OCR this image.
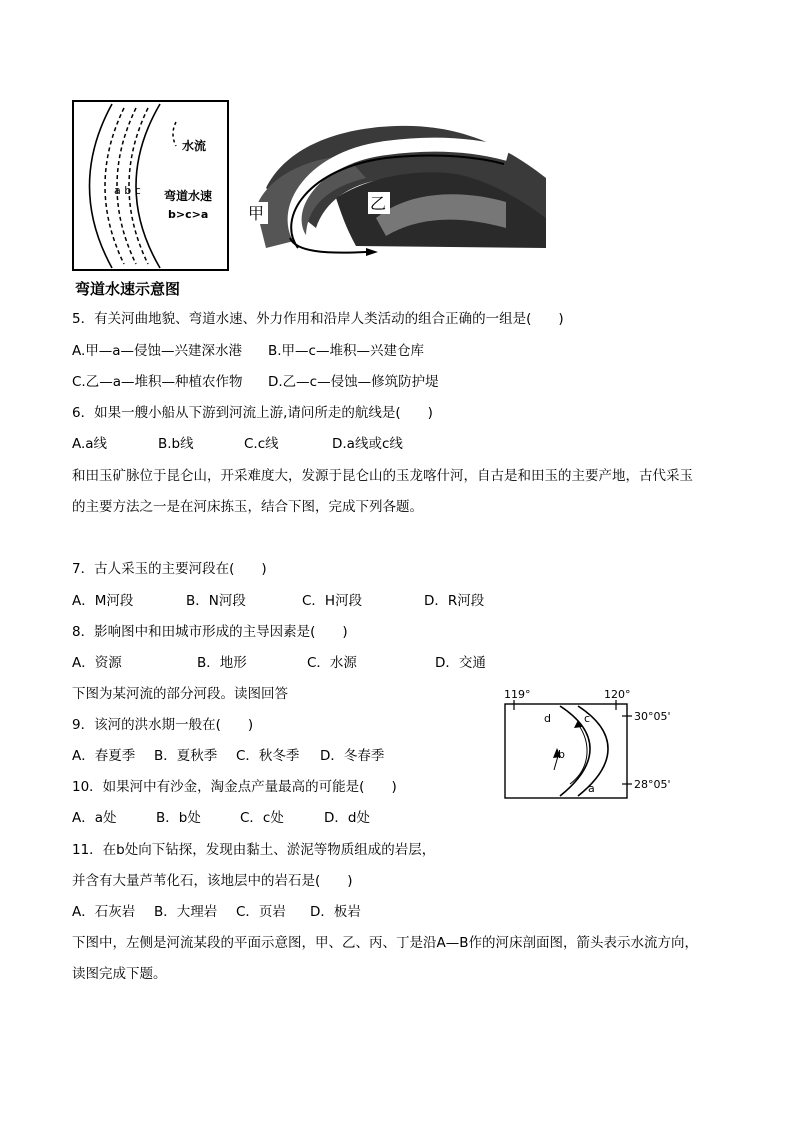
水流
a b c 弯道水速
b>c>a
弯道水速示意图
甲
乙
5．有关河曲地貌、弯道水速、外力作用和沿岸人类活动的组合正确的一组是(　　)
A.甲—a—侵蚀—兴建深水港 B.甲—c—堆积—兴建仓库
C.乙—a—堆积—种植农作物 D.乙—c—侵蚀—修筑防护堤
6．如果一艘小船从下游到河流上游,请问所走的航线是(　　)
A.a线	B.b线	C.c线	D.a线或c线
和田玉矿脉位于昆仑山，开采难度大，发源于昆仑山的玉龙喀什河，自古是和田玉的主要产地，古代采玉
的主要方法之一是在河床拣玉，结合下图，完成下列各题。
7．古人采玉的主要河段在(　　)
A．M河段	B．N河段	C．H河段	D．R河段
8．影响图中和田城市形成的主导因素是(　　)
A．资源	B．地形	C．水源	D．交通
下图为某河流的部分河段。读图回答	119°	120°
30°05'
28°05'
d	c
b
a
9．该河的洪水期一般在(　　)
A．春夏季 B．夏秋季 C．秋冬季 D．冬春季
10．如果河中有沙金，淘金点产量最高的可能是(　　)
A．a处	B．b处	C．c处	D．d处
11．在b处向下钻探，发现由黏土、淤泥等物质组成的岩层，
并含有大量芦苇化石，该地层中的岩石是(　　)
A．石灰岩 B．大理岩 C．页岩 D．板岩
下图中，左侧是河流某段的平面示意图，甲、乙、丙、丁是沿A—B作的河床剖面图，箭头表示水流方向，
读图完成下题。
